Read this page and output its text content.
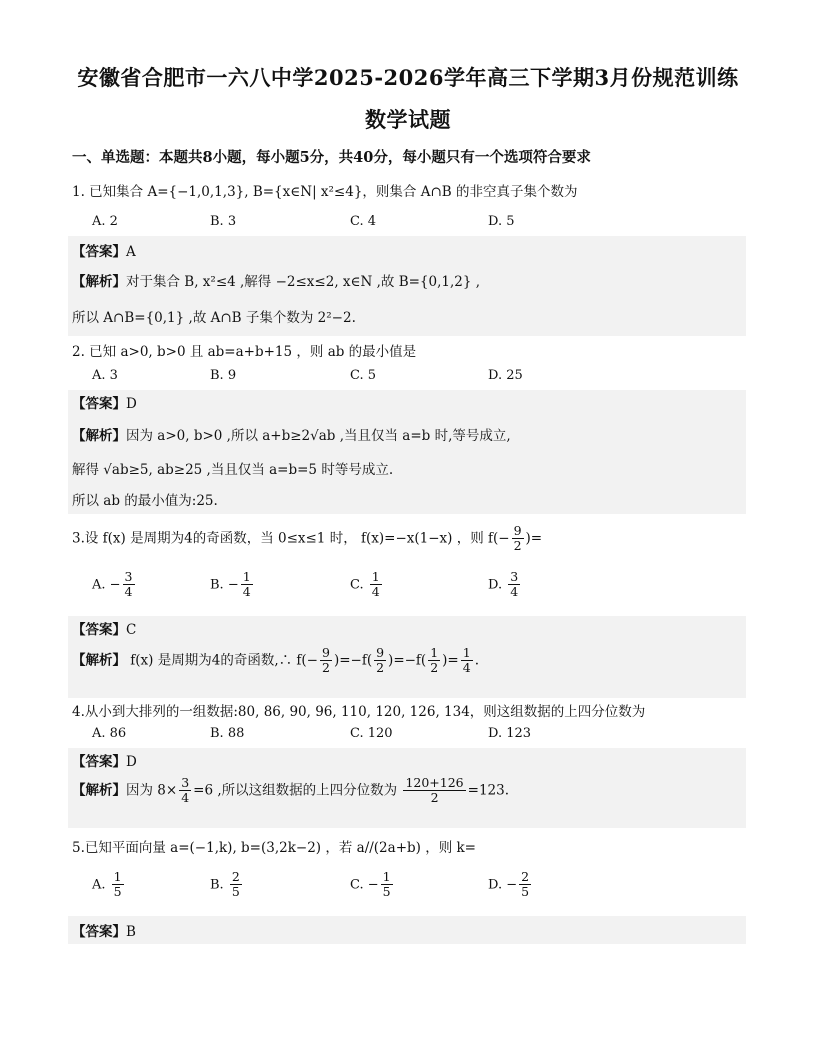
安徽省合肥市一六八中学2025-2026学年高三下学期3月份规范训练
数学试题
一、单选题：本题共8小题，每小题5分，共40分，每小题只有一个选项符合要求
1. 已知集合 A={−1,0,1,3}, B={x∈N| x²≤4}，则集合 A∩B 的非空真子集个数为
A. 2	B. 3	C. 4	D. 5
【答案】A
【解析】对于集合 B, x²≤4 ,解得 −2≤x≤2, x∈N ,故 B={0,1,2} ,
所以 A∩B={0,1} ,故 A∩B 子集个数为 2²−2.
2. 已知 a>0, b>0 且 ab=a+b+15 ，则 ab 的最小值是
A. 3	B. 9	C. 5	D. 25
【答案】D
【解析】因为 a>0, b>0 ,所以 a+b≥2√ab ,当且仅当 a=b 时,等号成立,
解得 √ab≥5, ab≥25 ,当且仅当 a=b=5 时等号成立.
所以 ab 的最小值为:25.
3.设 f(x) 是周期为4的奇函数，当 0≤x≤1 时， f(x)=−x(1−x) ，则 $f(- \frac{9}{2}$ )=
A. − $\frac{3}{4}$	B. − $\frac{1}{4}$	C. $\frac{1}{4}$	D. $\frac{3}{4}$
【答案】C
【解析】 f(x) 是周期为4的奇函数,∴ $f(- \frac{9}{2} )=-f( \frac{9}{2} )=-f( \frac{1}{2}$ )= $\frac{1}{4}$ .
4.从小到大排列的一组数据:80, 86, 90, 96, 110, 120, 126, 134，则这组数据的上四分位数为
A. 86	B. 88	C. 120	D. 123
【答案】D
【解析】因为 $8\times \frac{3}{4} =6$ ,所以这组数据的上四分位数为 $\frac{120+126}{2} =123$.
5.已知平面向量 a=(−1,k), b=(3,2k−2) ，若 a//(2a+b) ，则 k=
A. $\frac{1}{5}$	B. $\frac{2}{5}$	C. − $\frac{1}{5}$	D. − $\frac{2}{5}$
【答案】B
